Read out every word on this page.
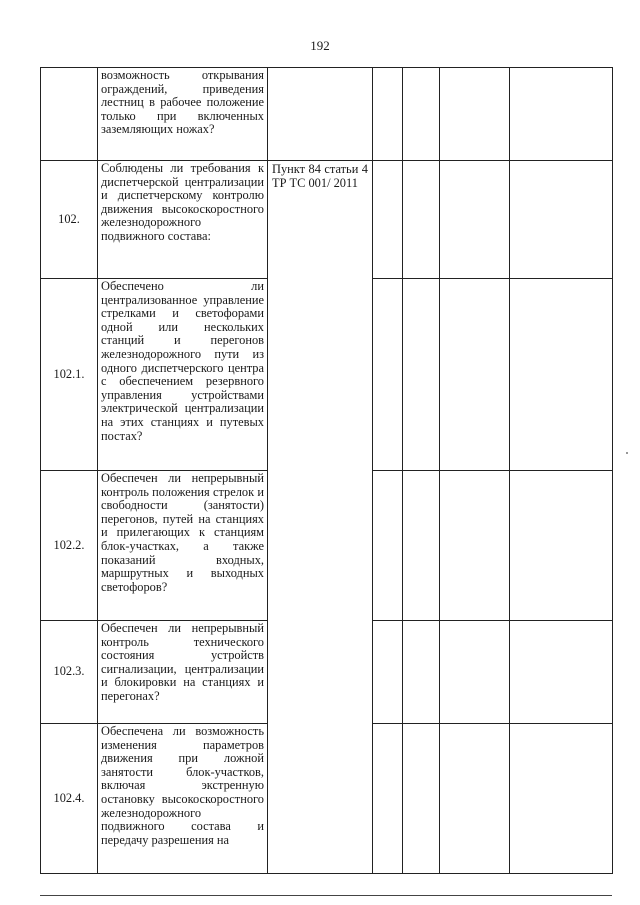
192
	возможность открывания ограждений, приведения лестниц в рабочее положение только при включенных заземляющих ножах?					
102.	Соблюдены ли требования к диспетчерской централизации и диспетчерскому контролю движения высокоскоростного железнодорожного подвижного состава:	Пункт 84 статьи 4 ТР ТС 001/ 2011				
102.1.	Обеспечено ли централизованное управление стрелками и светофорами одной или нескольких станций и перегонов железнодорожного пути из одного диспетчерского центра с обеспечением резервного управления устройствами электрической централизации на этих станциях и путевых постах?					
102.2.	Обеспечен ли непрерывный контроль положения стрелок и свободности (занятости) перегонов, путей на станциях и прилегающих к станциям блок-участках, а также показаний входных, маршрутных и выходных светофоров?					
102.3.	Обеспечен ли непрерывный контроль технического состояния устройств сигнализации, централизации и блокировки на станциях и перегонах?					
102.4.	Обеспечена ли возможность изменения параметров движения при ложной занятости блок-участков, включая экстренную остановку высокоскоростного железнодорожного подвижного состава и передачу разрешения на					
